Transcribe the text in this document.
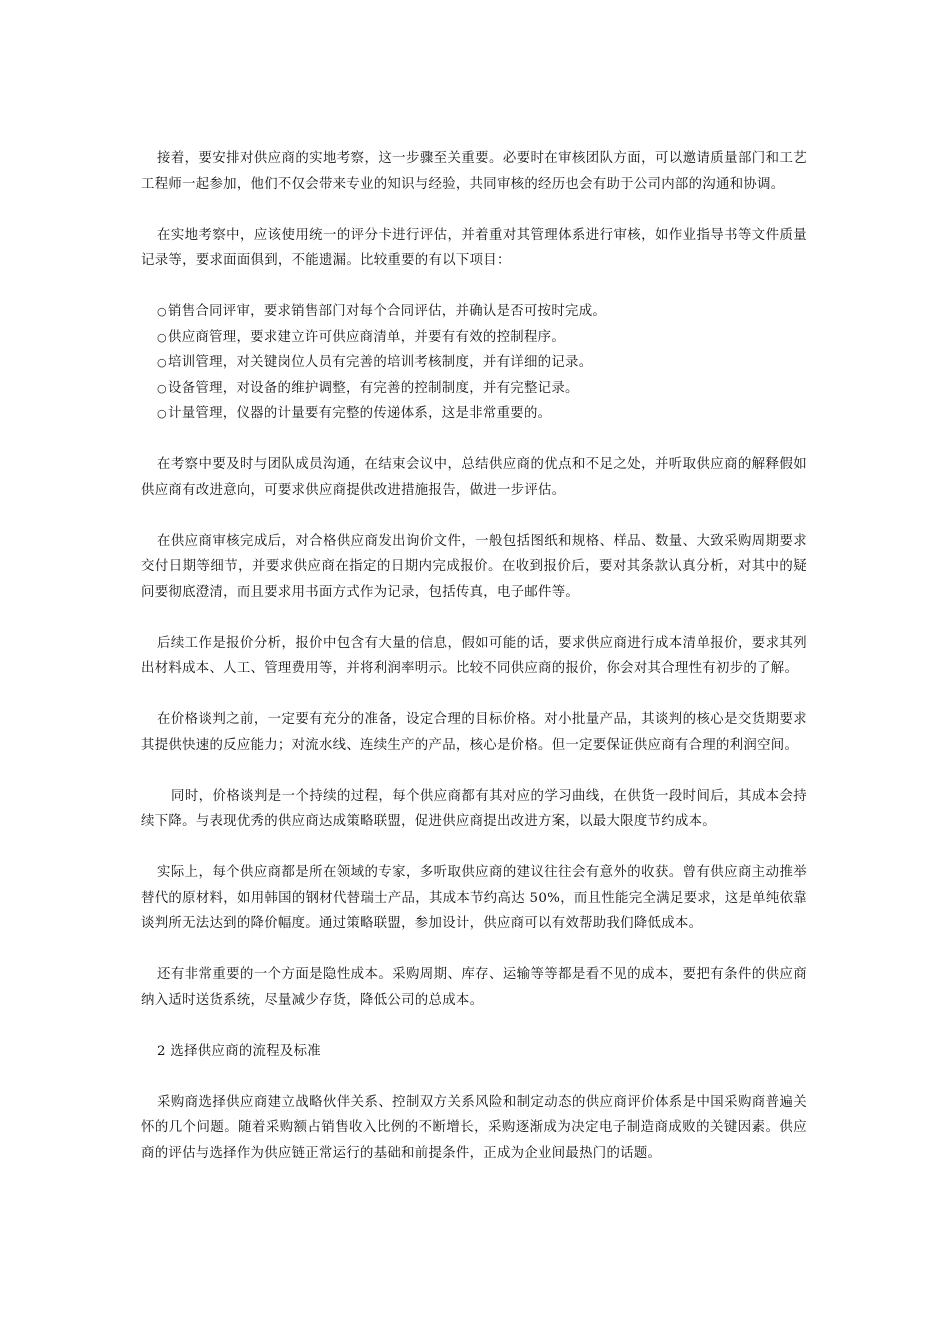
接着，要安排对供应商的实地考察，这一步骤至关重要。必要时在审核团队方面，可以邀请质量部门和工艺工程师一起参加，他们不仅会带来专业的知识与经验，共同审核的经历也会有助于公司内部的沟通和协调。

在实地考察中，应该使用统一的评分卡进行评估，并着重对其管理体系进行审核，如作业指导书等文件质量记录等，要求面面俱到，不能遗漏。比较重要的有以下项目：

○销售合同评审，要求销售部门对每个合同评估，并确认是否可按时完成。
○供应商管理，要求建立许可供应商清单，并要有有效的控制程序。
○培训管理，对关键岗位人员有完善的培训考核制度，并有详细的记录。
○设备管理，对设备的维护调整，有完善的控制制度，并有完整记录。
○计量管理，仪器的计量要有完整的传递体系，这是非常重要的。

在考察中要及时与团队成员沟通，在结束会议中，总结供应商的优点和不足之处，并听取供应商的解释假如供应商有改进意向，可要求供应商提供改进措施报告，做进一步评估。

在供应商审核完成后，对合格供应商发出询价文件，一般包括图纸和规格、样品、数量、大致采购周期要求交付日期等细节，并要求供应商在指定的日期内完成报价。在收到报价后，要对其条款认真分析，对其中的疑问要彻底澄清，而且要求用书面方式作为记录，包括传真，电子邮件等。

后续工作是报价分析，报价中包含有大量的信息，假如可能的话，要求供应商进行成本清单报价，要求其列出材料成本、人工、管理费用等，并将利润率明示。比较不同供应商的报价，你会对其合理性有初步的了解。

在价格谈判之前，一定要有充分的准备，设定合理的目标价格。对小批量产品，其谈判的核心是交货期要求其提供快速的反应能力；对流水线、连续生产的产品，核心是价格。但一定要保证供应商有合理的利润空间。

同时，价格谈判是一个持续的过程，每个供应商都有其对应的学习曲线，在供货一段时间后，其成本会持续下降。与表现优秀的供应商达成策略联盟，促进供应商提出改进方案，以最大限度节约成本。

实际上，每个供应商都是所在领域的专家，多听取供应商的建议往往会有意外的收获。曾有供应商主动推举替代的原材料，如用韩国的钢材代替瑞士产品，其成本节约高达 50%，而且性能完全满足要求，这是单纯依靠谈判所无法达到的降价幅度。通过策略联盟，参加设计，供应商可以有效帮助我们降低成本。

还有非常重要的一个方面是隐性成本。采购周期、库存、运输等等都是看不见的成本，要把有条件的供应商纳入适时送货系统，尽量减少存货，降低公司的总成本。

2 选择供应商的流程及标准

采购商选择供应商建立战略伙伴关系、控制双方关系风险和制定动态的供应商评价体系是中国采购商普遍关怀的几个问题。随着采购额占销售收入比例的不断增长，采购逐渐成为决定电子制造商成败的关键因素。供应商的评估与选择作为供应链正常运行的基础和前提条件，正成为企业间最热门的话题。
